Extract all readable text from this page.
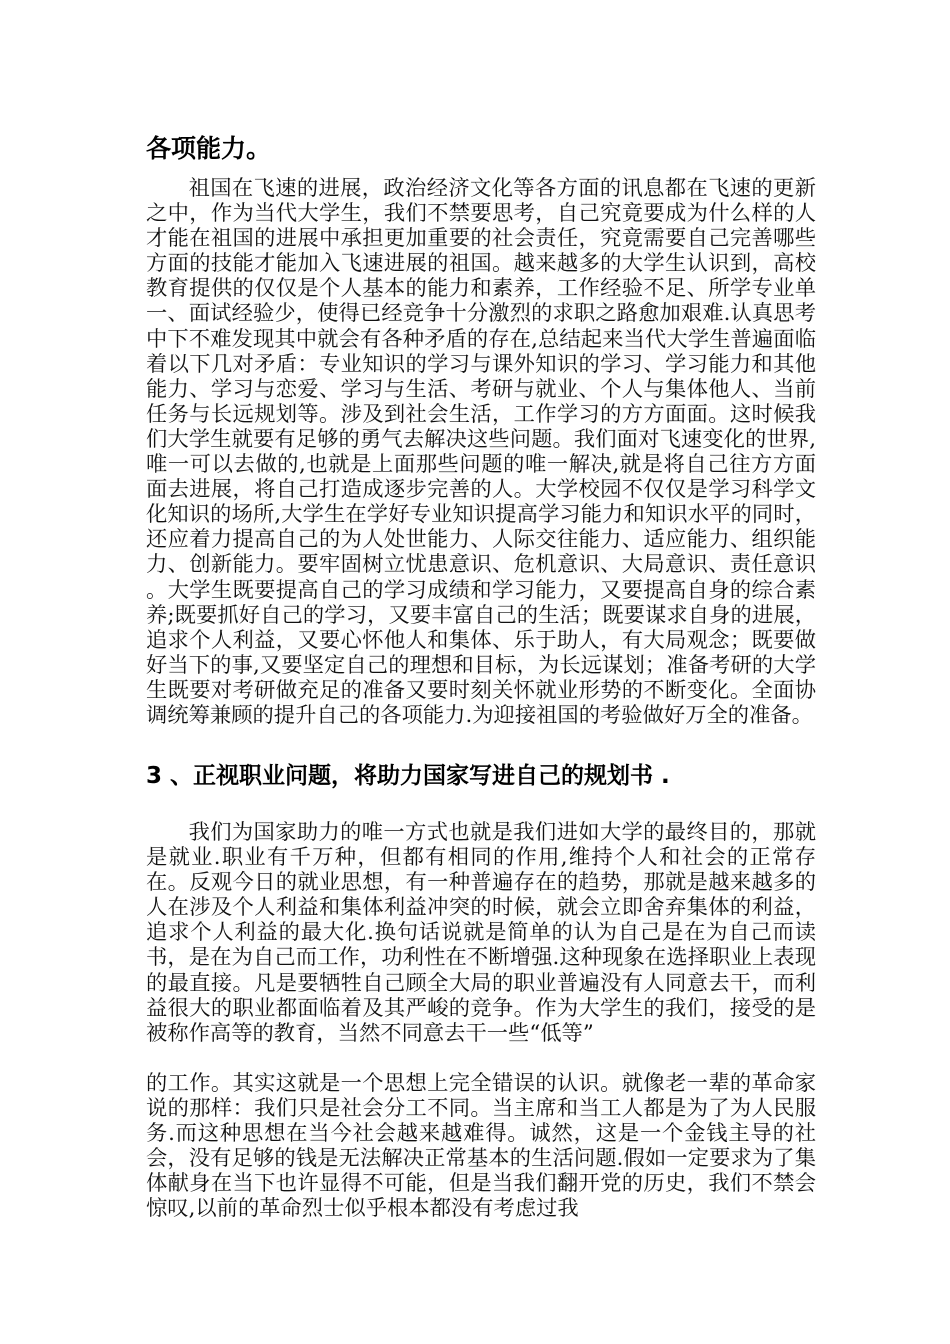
各项能力。

祖国在飞速的进展，政治经济文化等各方面的讯息都在飞速的更新之中，作为当代大学生，我们不禁要思考，自己究竟要成为什么样的人才能在祖国的进展中承担更加重要的社会责任，究竟需要自己完善哪些方面的技能才能加入飞速进展的祖国。越来越多的大学生认识到，高校教育提供的仅仅是个人基本的能力和素养，工作经验不足、所学专业单一、面试经验少，使得已经竞争十分激烈的求职之路愈加艰难.认真思考中下不难发现其中就会有各种矛盾的存在,总结起来当代大学生普遍面临着以下几对矛盾：专业知识的学习与课外知识的学习、学习能力和其他能力、学习与恋爱、学习与生活、考研与就业、个人与集体他人、当前任务与长远规划等。涉及到社会生活，工作学习的方方面面。这时候我们大学生就要有足够的勇气去解决这些问题。我们面对飞速变化的世界,唯一可以去做的,也就是上面那些问题的唯一解决,就是将自己往方方面面去进展，将自己打造成逐步完善的人。大学校园不仅仅是学习科学文化知识的场所,大学生在学好专业知识提高学习能力和知识水平的同时，还应着力提高自己的为人处世能力、人际交往能力、适应能力、组织能力、创新能力。要牢固树立忧患意识、危机意识、大局意识、责任意识 。大学生既要提高自己的学习成绩和学习能力，又要提高自身的综合素养;既要抓好自己的学习，又要丰富自己的生活；既要谋求自身的进展，追求个人利益，又要心怀他人和集体、乐于助人，有大局观念；既要做好当下的事,又要坚定自己的理想和目标，为长远谋划；准备考研的大学生既要对考研做充足的准备又要时刻关怀就业形势的不断变化。全面协调统筹兼顾的提升自己的各项能力.为迎接祖国的考验做好万全的准备。

3 、正视职业问题，将助力国家写进自己的规划书 .

我们为国家助力的唯一方式也就是我们进如大学的最终目的，那就是就业.职业有千万种，但都有相同的作用,维持个人和社会的正常存在。反观今日的就业思想，有一种普遍存在的趋势，那就是越来越多的人在涉及个人利益和集体利益冲突的时候，就会立即舍弃集体的利益，追求个人利益的最大化.换句话说就是简单的认为自己是在为自己而读书，是在为自己而工作，功利性在不断增强.这种现象在选择职业上表现的最直接。凡是要牺牲自己顾全大局的职业普遍没有人同意去干，而利益很大的职业都面临着及其严峻的竞争。作为大学生的我们，接受的是被称作高等的教育，当然不同意去干一些“低等”

的工作。其实这就是一个思想上完全错误的认识。就像老一辈的革命家说的那样：我们只是社会分工不同。当主席和当工人都是为了为人民服务.而这种思想在当今社会越来越难得。诚然，这是一个金钱主导的社会，没有足够的钱是无法解决正常基本的生活问题.假如一定要求为了集体献身在当下也许显得不可能，但是当我们翻开党的历史，我们不禁会惊叹,以前的革命烈士似乎根本都没有考虑过我
